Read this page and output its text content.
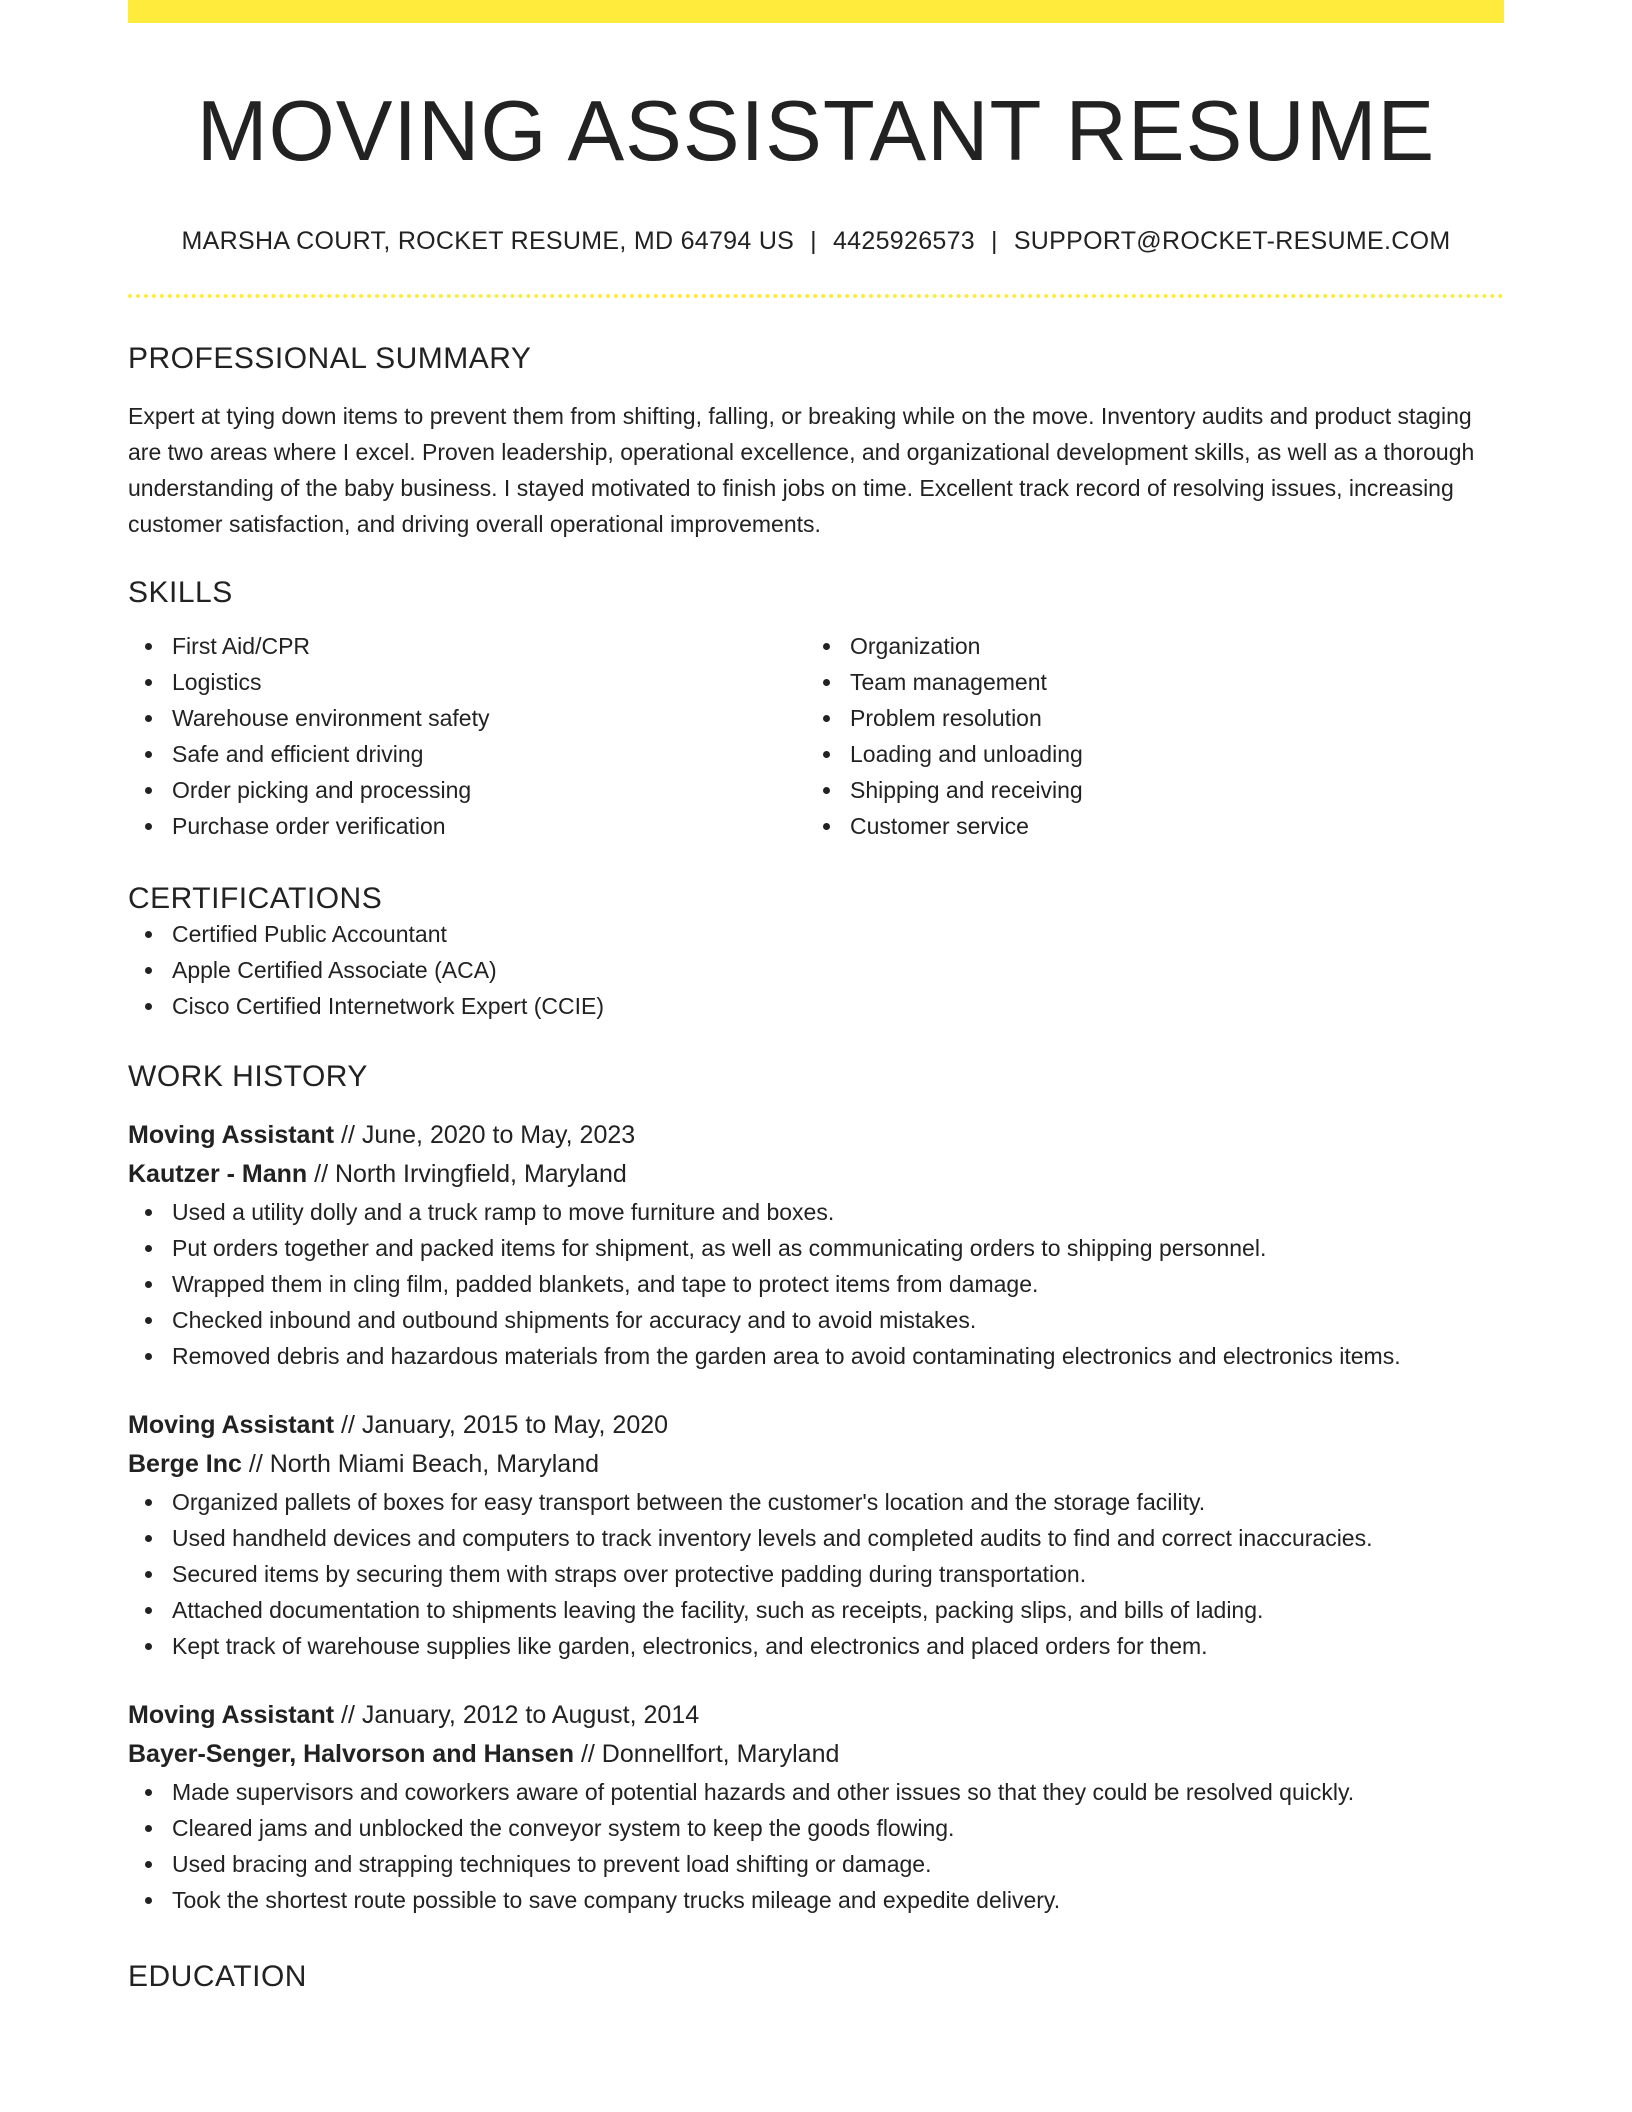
MOVING ASSISTANT RESUME
MARSHA COURT, ROCKET RESUME, MD 64794 US | 4425926573 | SUPPORT@ROCKET-RESUME.COM
PROFESSIONAL SUMMARY
Expert at tying down items to prevent them from shifting, falling, or breaking while on the move. Inventory audits and product staging are two areas where I excel. Proven leadership, operational excellence, and organizational development skills, as well as a thorough understanding of the baby business. I stayed motivated to finish jobs on time. Excellent track record of resolving issues, increasing customer satisfaction, and driving overall operational improvements.
SKILLS
First Aid/CPR
Logistics
Warehouse environment safety
Safe and efficient driving
Order picking and processing
Purchase order verification
Organization
Team management
Problem resolution
Loading and unloading
Shipping and receiving
Customer service
CERTIFICATIONS
Certified Public Accountant
Apple Certified Associate (ACA)
Cisco Certified Internetwork Expert (CCIE)
WORK HISTORY
Moving Assistant // June, 2020 to May, 2023
Kautzer - Mann // North Irvingfield, Maryland
Used a utility dolly and a truck ramp to move furniture and boxes.
Put orders together and packed items for shipment, as well as communicating orders to shipping personnel.
Wrapped them in cling film, padded blankets, and tape to protect items from damage.
Checked inbound and outbound shipments for accuracy and to avoid mistakes.
Removed debris and hazardous materials from the garden area to avoid contaminating electronics and electronics items.
Moving Assistant // January, 2015 to May, 2020
Berge Inc // North Miami Beach, Maryland
Organized pallets of boxes for easy transport between the customer's location and the storage facility.
Used handheld devices and computers to track inventory levels and completed audits to find and correct inaccuracies.
Secured items by securing them with straps over protective padding during transportation.
Attached documentation to shipments leaving the facility, such as receipts, packing slips, and bills of lading.
Kept track of warehouse supplies like garden, electronics, and electronics and placed orders for them.
Moving Assistant // January, 2012 to August, 2014
Bayer-Senger, Halvorson and Hansen // Donnellfort, Maryland
Made supervisors and coworkers aware of potential hazards and other issues so that they could be resolved quickly.
Cleared jams and unblocked the conveyor system to keep the goods flowing.
Used bracing and strapping techniques to prevent load shifting or damage.
Took the shortest route possible to save company trucks mileage and expedite delivery.
EDUCATION
